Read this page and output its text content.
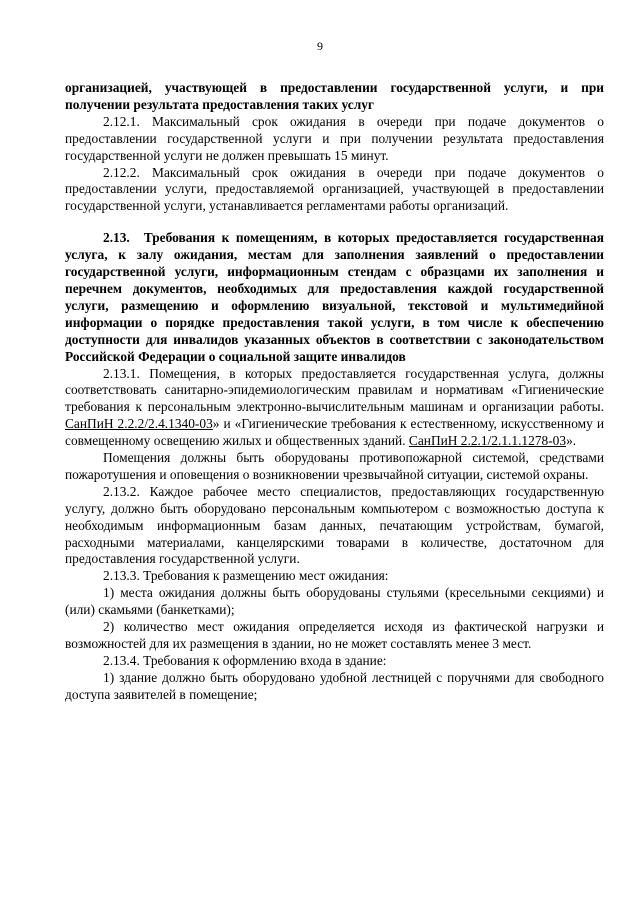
9

организацией, участвующей в предоставлении государственной услуги, и при получении результата предоставления таких услуг

2.12.1. Максимальный срок ожидания в очереди при подаче документов о предоставлении государственной услуги и при получении результата предоставления государственной услуги не должен превышать 15 минут.

2.12.2. Максимальный срок ожидания в очереди при подаче документов о предоставлении услуги, предоставляемой организацией, участвующей в предоставлении государственной услуги, устанавливается регламентами работы организаций.

2.13. Требования к помещениям, в которых предоставляется государственная услуга, к залу ожидания, местам для заполнения заявлений о предоставлении государственной услуги, информационным стендам с образцами их заполнения и перечнем документов, необходимых для предоставления каждой государственной услуги, размещению и оформлению визуальной, текстовой и мультимедийной информации о порядке предоставления такой услуги, в том числе к обеспечению доступности для инвалидов указанных объектов в соответствии с законодательством Российской Федерации о социальной защите инвалидов

2.13.1. Помещения, в которых предоставляется государственная услуга, должны соответствовать санитарно-эпидемиологическим правилам и нормативам «Гигиенические требования к персональным электронно-вычислительным машинам и организации работы. СанПиН 2.2.2/2.4.1340-03» и «Гигиенические требования к естественному, искусственному и совмещенному освещению жилых и общественных зданий. СанПиН 2.2.1/2.1.1.1278-03».

Помещения должны быть оборудованы противопожарной системой, средствами пожаротушения и оповещения о возникновении чрезвычайной ситуации, системой охраны.

2.13.2. Каждое рабочее место специалистов, предоставляющих государственную услугу, должно быть оборудовано персональным компьютером с возможностью доступа к необходимым информационным базам данных, печатающим устройствам, бумагой, расходными материалами, канцелярскими товарами в количестве, достаточном для предоставления государственной услуги.

2.13.3. Требования к размещению мест ожидания:

1) места ожидания должны быть оборудованы стульями (кресельными секциями) и (или) скамьями (банкетками);

2) количество мест ожидания определяется исходя из фактической нагрузки и возможностей для их размещения в здании, но не может составлять менее 3 мест.

2.13.4. Требования к оформлению входа в здание:

1) здание должно быть оборудовано удобной лестницей с поручнями для свободного доступа заявителей в помещение;
